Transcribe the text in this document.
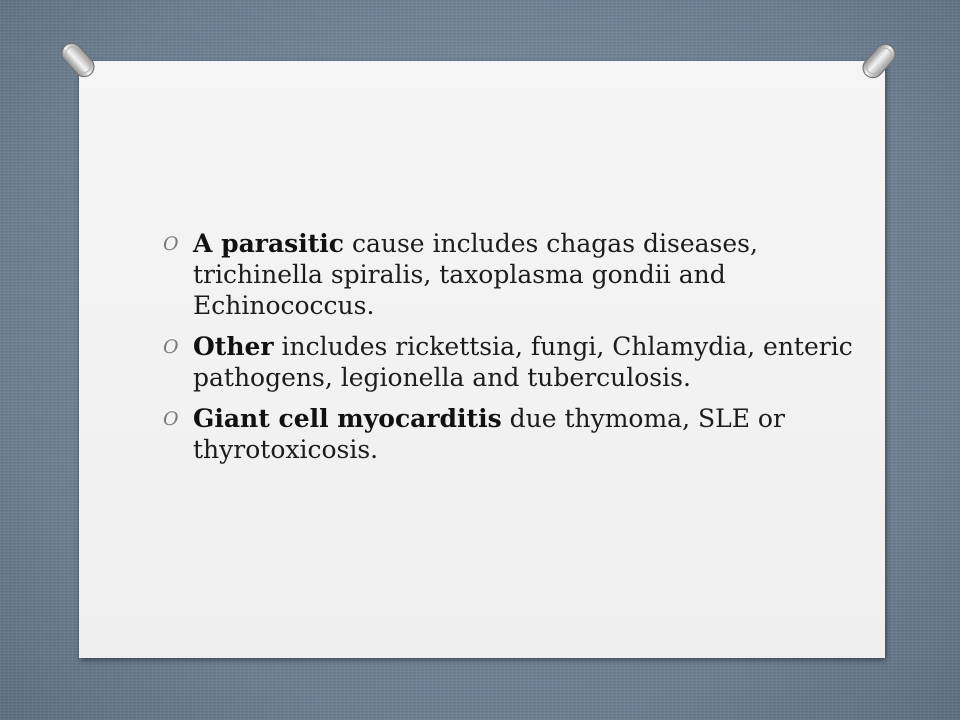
O A parasitic cause includes chagas diseases, trichinella spiralis, taxoplasma gondii and Echinococcus.
O Other includes rickettsia, fungi, Chlamydia, enteric pathogens, legionella and tuberculosis.
O Giant cell myocarditis due thymoma, SLE or thyrotoxicosis.
